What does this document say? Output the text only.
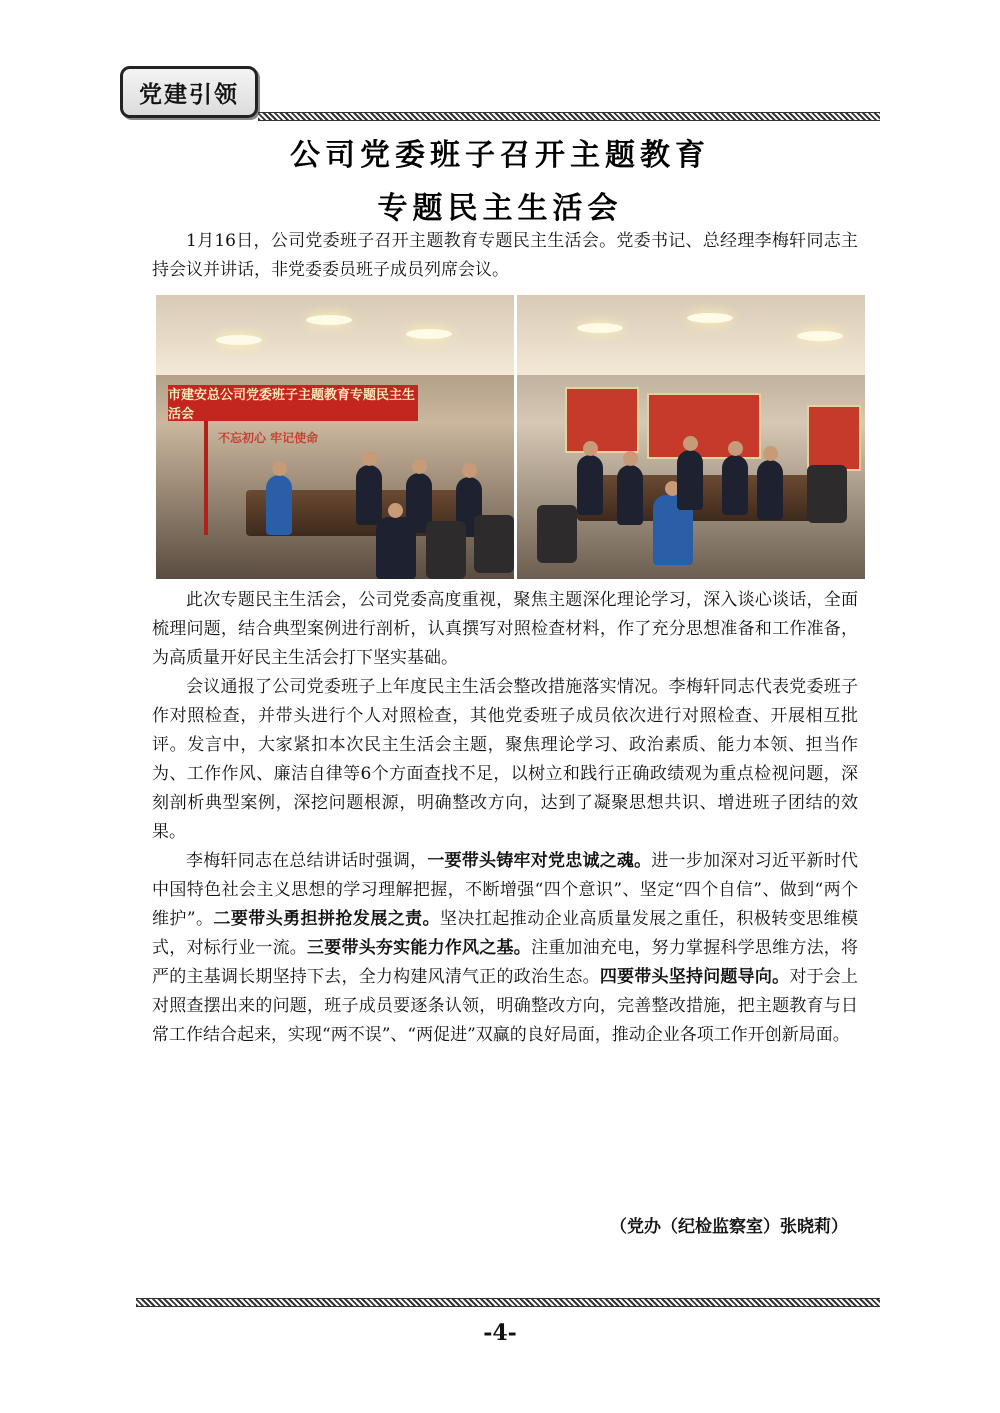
党建引领
公司党委班子召开主题教育
专题民主生活会

1月16日，公司党委班子召开主题教育专题民主生活会。党委书记、总经理李梅轩同志主持会议并讲话，非党委委员班子成员列席会议。

市建安总公司党委班子主题教育专题民主生活会
不忘初心 牢记使命

此次专题民主生活会，公司党委高度重视，聚焦主题深化理论学习，深入谈心谈话，全面梳理问题，结合典型案例进行剖析，认真撰写对照检查材料，作了充分思想准备和工作准备，为高质量开好民主生活会打下坚实基础。

会议通报了公司党委班子上年度民主生活会整改措施落实情况。李梅轩同志代表党委班子作对照检查，并带头进行个人对照检查，其他党委班子成员依次进行对照检查、开展相互批评。发言中，大家紧扣本次民主生活会主题，聚焦理论学习、政治素质、能力本领、担当作为、工作作风、廉洁自律等6个方面查找不足，以树立和践行正确政绩观为重点检视问题，深刻剖析典型案例，深挖问题根源，明确整改方向，达到了凝聚思想共识、增进班子团结的效果。

李梅轩同志在总结讲话时强调，一要带头铸牢对党忠诚之魂。进一步加深对习近平新时代中国特色社会主义思想的学习理解把握，不断增强“四个意识”、坚定“四个自信”、做到“两个维护”。二要带头勇担拼抢发展之责。坚决扛起推动企业高质量发展之重任，积极转变思维模式，对标行业一流。三要带头夯实能力作风之基。注重加油充电，努力掌握科学思维方法，将严的主基调长期坚持下去，全力构建风清气正的政治生态。四要带头坚持问题导向。对于会上对照查摆出来的问题，班子成员要逐条认领，明确整改方向，完善整改措施，把主题教育与日常工作结合起来，实现“两不误”、“两促进”双赢的良好局面，推动企业各项工作开创新局面。

（党办（纪检监察室）张晓莉）
-4-
